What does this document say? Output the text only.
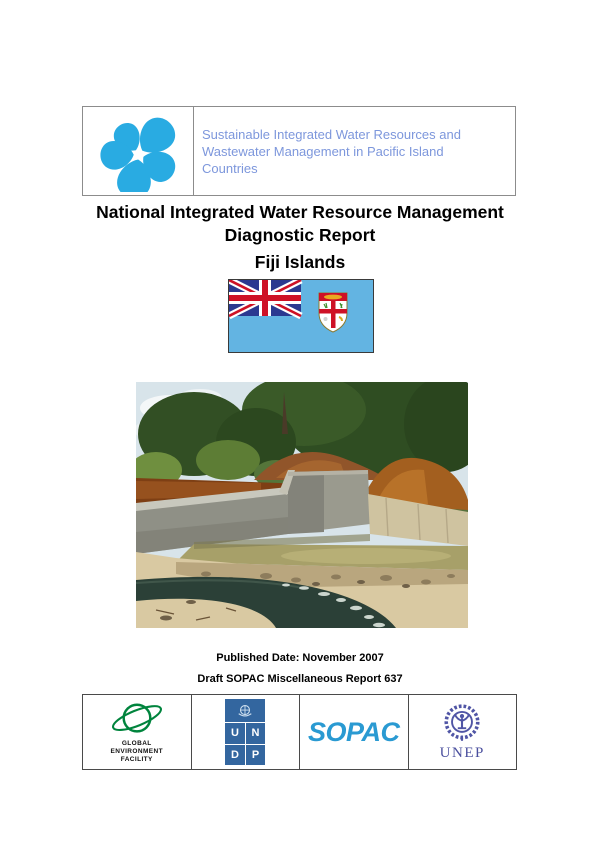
Sustainable Integrated Water Resources and Wastewater Management in Pacific Island Countries
National Integrated Water Resource Management
Diagnostic Report
Fiji Islands
Published Date: November 2007
Draft SOPAC Miscellaneous Report 637
GLOBAL
ENVIRONMENT
FACILITY
U	N
D	P
SOPAC
UNEP
